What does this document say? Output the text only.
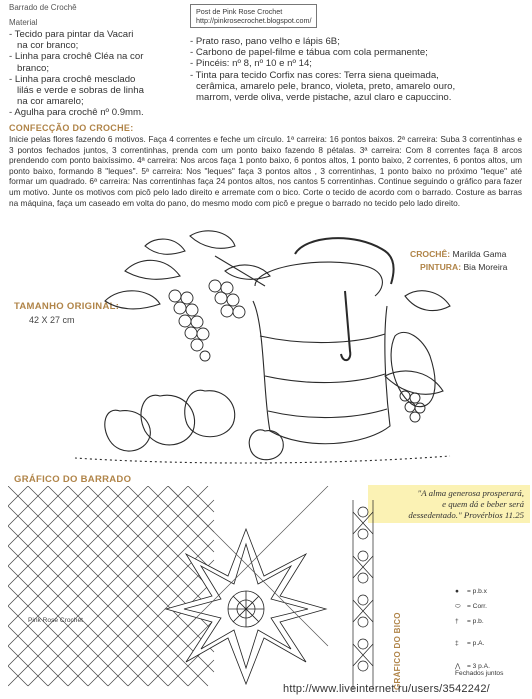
Barrado de Crochê	Post de Pink Rose Crochet
http://pinkrosecrochet.blogspot.com/
Material
- Tecido para pintar da Vacari
na cor branco;
- Linha para crochê Cléa na cor
branco;
- Linha para crochê mesclado
lilás e verde e sobras de linha
na cor amarelo;
- Agulha para crochê nº 0.9mm.
- Prato raso, pano velho e lápis 6B;
- Carbono de papel-filme e tábua com cola permanente;
- Pincéis: nº 8, nº 10 e nº 14;
- Tinta para tecido Corfix nas cores: Terra siena queimada,
cerâmica, amarelo pele, branco, violeta, preto, amarelo ouro,
marrom, verde oliva, verde pistache, azul claro e capuccino.
CONFECÇÃO DO CROCHE:
Inicie pelas flores fazendo 6 motivos. Faça 4 correntes e feche um círculo. 1ª carreira: 16 pontos baixos. 2ª carreira: Suba 3 correntinhas e 3 pontos fechados juntos, 3 correntinhas, prenda com um ponto baixo fazendo 8 pétalas. 3ª carreira: Com 8 correntes faça 8 arcos prendendo com ponto baixíssimo. 4ª carreira: Nos arcos faça 1 ponto baixo, 6 pontos altos, 1 ponto baixo, 2 correntes, 6 pontos altos, um ponto baixo, formando 8 "leques". 5ª carreira: Nos "leques" faça 3 pontos altos , 3 correntinhas, 1 ponto baixo no próximo "leque" até formar um quadrado. 6ª carreira: Nas correntinhas faça 24 pontos altos, nos cantos 5 correntinhas. Continue seguindo o gráfico para fazer um motivo. Junte os motivos com picô pelo lado direito e arremate com o bico. Corte o tecido de acordo com o barrado. Costure as barras na máquina, faça um caseado em volta do pano, do mesmo modo com picô e pregue o barrado no tecido pelo lado direito.
CROCHÊ: Marilda Gama
PINTURA: Bia Moreira
TAMANHO ORIGINAL:
42 X 27 cm
GRÁFICO DO BARRADO
"A alma generosa prosperará,
e quem dá e beber será
dessedentado." Provérbios 11.25
Pink Rose Crochet	GRÁFICO DO BICO
● = p.b.x
⬭ = Corr.
† = p.b.
‡ = p.A.
⋀ = 3 p.A. Fechados juntos
http://www.liveinternet.ru/users/3542242/
